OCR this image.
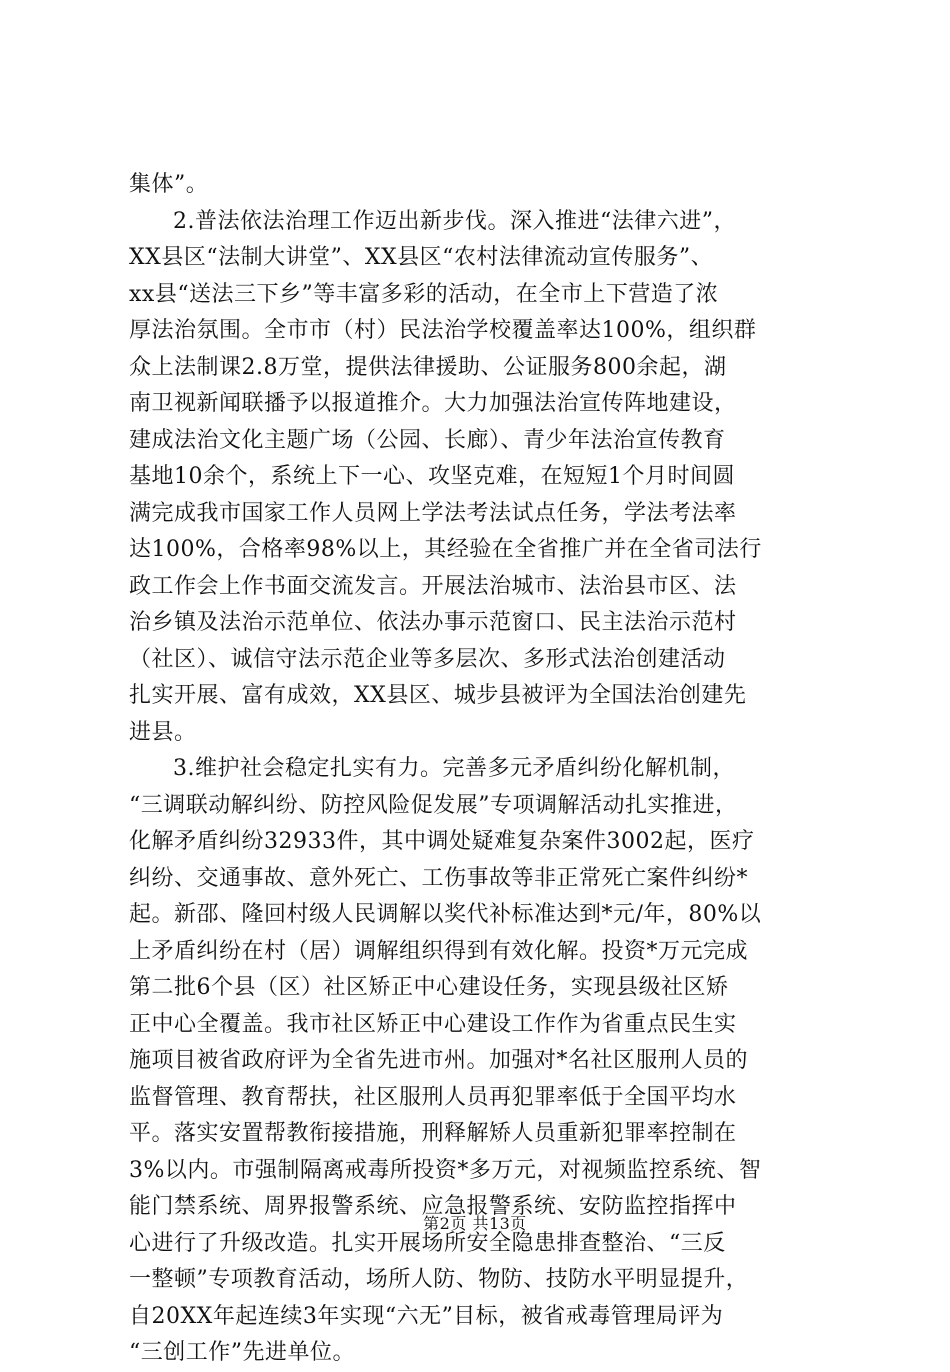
集体”。
2.普法依法治理工作迈出新步伐。深入推进“法律六进”，
XX县区“法制大讲堂”、XX县区“农村法律流动宣传服务”、
xx县“送法三下乡”等丰富多彩的活动，在全市上下营造了浓
厚法治氛围。全市市（村）民法治学校覆盖率达100%，组织群
众上法制课2.8万堂，提供法律援助、公证服务800余起，湖
南卫视新闻联播予以报道推介。大力加强法治宣传阵地建设，
建成法治文化主题广场（公园、长廊）、青少年法治宣传教育
基地10余个，系统上下一心、攻坚克难，在短短1个月时间圆
满完成我市国家工作人员网上学法考法试点任务，学法考法率
达100%，合格率98%以上，其经验在全省推广并在全省司法行
政工作会上作书面交流发言。开展法治城市、法治县市区、法
治乡镇及法治示范单位、依法办事示范窗口、民主法治示范村
（社区）、诚信守法示范企业等多层次、多形式法治创建活动
扎实开展、富有成效，XX县区、城步县被评为全国法治创建先
进县。
3.维护社会稳定扎实有力。完善多元矛盾纠纷化解机制，
“三调联动解纠纷、防控风险促发展”专项调解活动扎实推进，
化解矛盾纠纷32933件，其中调处疑难复杂案件3002起，医疗
纠纷、交通事故、意外死亡、工伤事故等非正常死亡案件纠纷*
起。新邵、隆回村级人民调解以奖代补标准达到*元/年，80%以
上矛盾纠纷在村（居）调解组织得到有效化解。投资*万元完成
第二批6个县（区）社区矫正中心建设任务，实现县级社区矫
正中心全覆盖。我市社区矫正中心建设工作作为省重点民生实
施项目被省政府评为全省先进市州。加强对*名社区服刑人员的
监督管理、教育帮扶，社区服刑人员再犯罪率低于全国平均水
平。落实安置帮教衔接措施，刑释解矫人员重新犯罪率控制在
3%以内。市强制隔离戒毒所投资*多万元，对视频监控系统、智
能门禁系统、周界报警系统、应急报警系统、安防监控指挥中
心进行了升级改造。扎实开展场所安全隐患排查整治、“三反
一整顿”专项教育活动，场所人防、物防、技防水平明显提升，
自20XX年起连续3年实现“六无”目标，被省戒毒管理局评为
“三创工作”先进单位。
第2页 共13页
